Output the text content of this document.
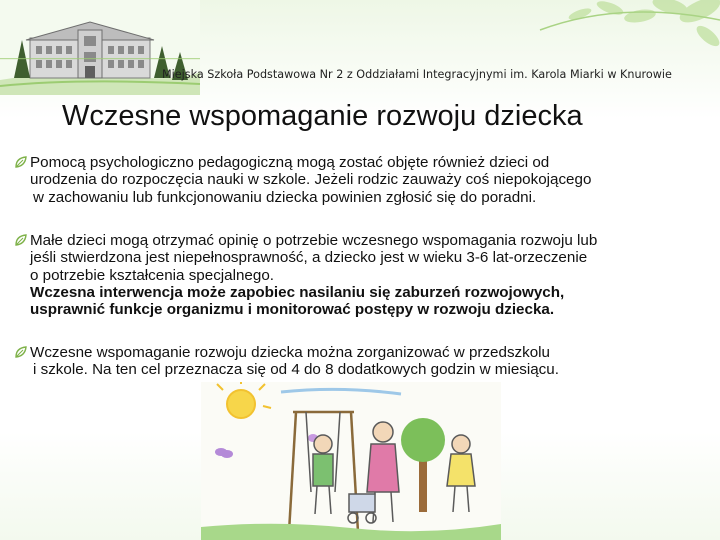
Miejska Szkoła Podstawowa Nr 2 z Oddziałami Integracyjnymi im. Karola Miarki w Knurowie
Wczesne wspomaganie rozwoju dziecka
Pomocą psychologiczno pedagogiczną mogą zostać objęte również dzieci od
urodzenia do rozpoczęcia nauki w szkole. Jeżeli rodzic zauważy coś niepokojącego
w zachowaniu lub funkcjonowaniu dziecka powinien zgłosić się do poradni.
Małe dzieci mogą otrzymać opinię o potrzebie wczesnego wspomagania rozwoju lub
jeśli stwierdzona jest niepełnosprawność, a dziecko jest w wieku 3-6 lat-orzeczenie
o potrzebie kształcenia specjalnego.
Wczesna interwencja może zapobiec nasilaniu się zaburzeń rozwojowych,
usprawnić funkcje organizmu i monitorować postępy w rozwoju dziecka.
Wczesne wspomaganie rozwoju dziecka można zorganizować w przedszkolu
i szkole. Na ten cel przeznacza się od 4 do 8 dodatkowych godzin w miesiącu.
